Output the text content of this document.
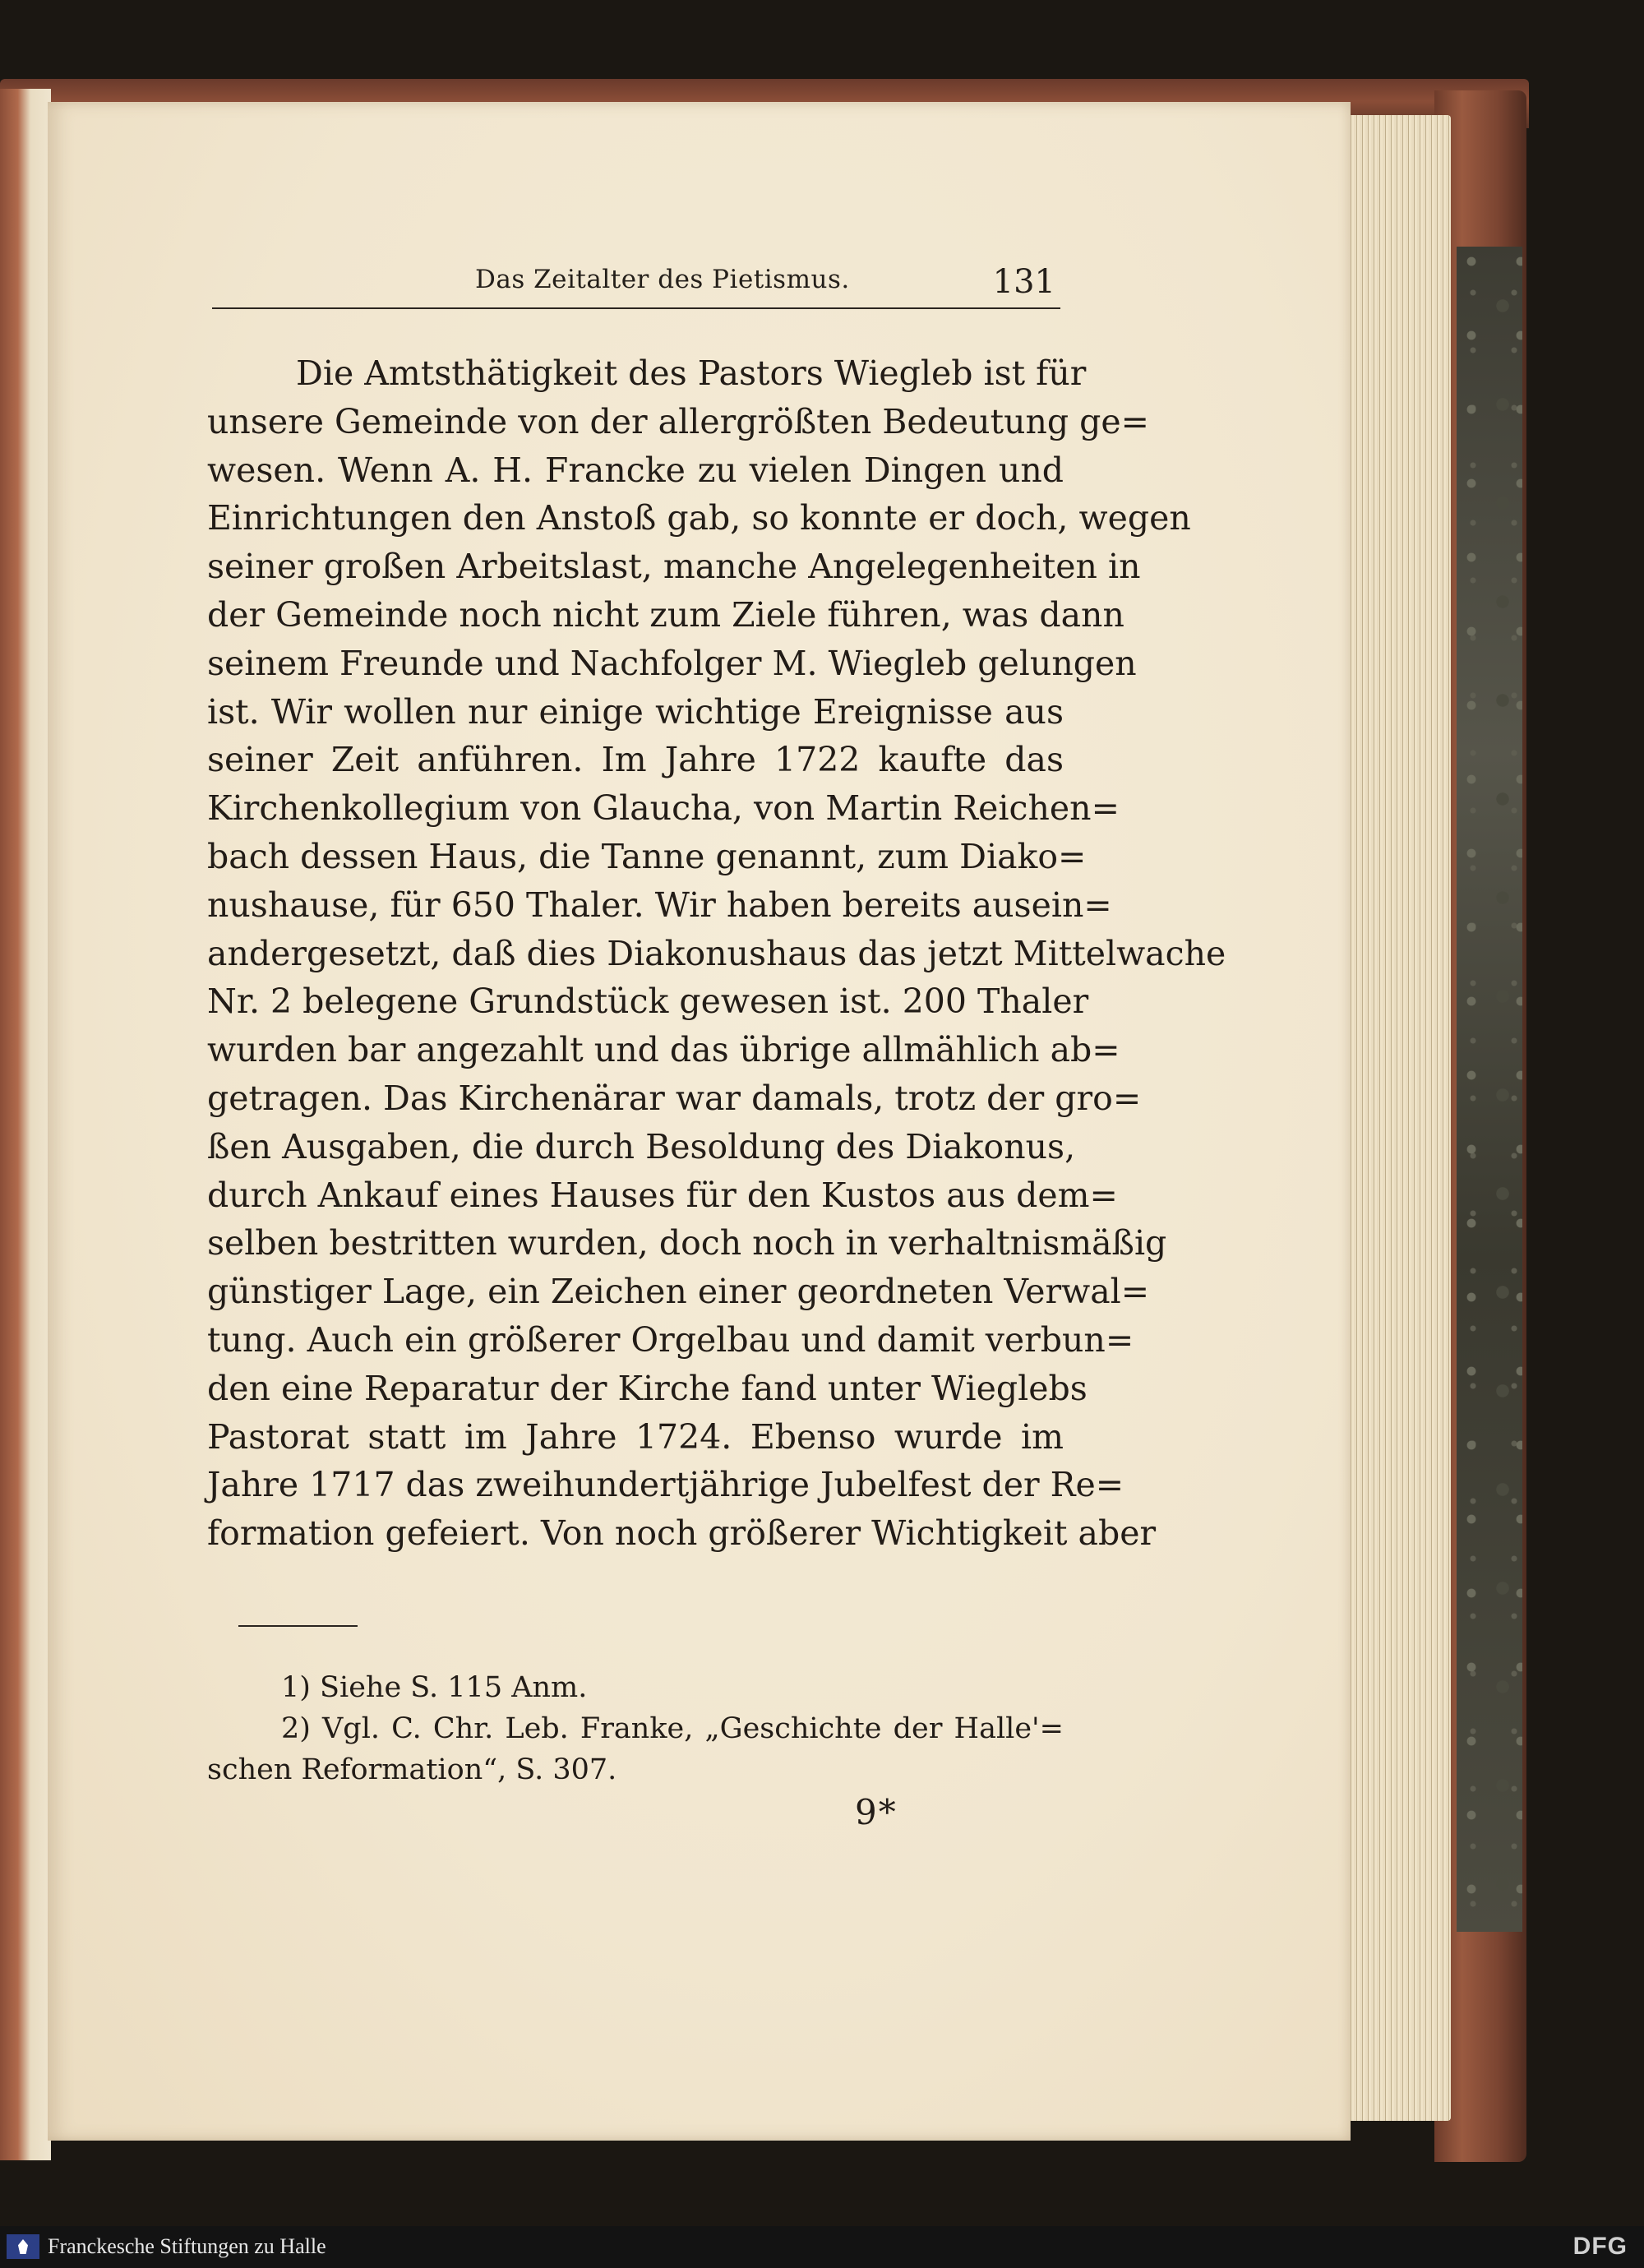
Das Zeitalter des Pietismus.	131
Die Amtsthätigkeit des Pastors Wiegleb ist für
unsere Gemeinde von der allergrößten Bedeutung ge=
wesen. Wenn A. H. Francke zu vielen Dingen und
Einrichtungen den Anstoß gab, so konnte er doch, wegen
seiner großen Arbeitslast, manche Angelegenheiten in
der Gemeinde noch nicht zum Ziele führen, was dann
seinem Freunde und Nachfolger M. Wiegleb gelungen
ist. Wir wollen nur einige wichtige Ereignisse aus
seiner Zeit anführen. Im Jahre 1722 kaufte das
Kirchenkollegium von Glaucha, von Martin Reichen=
bach dessen Haus, die Tanne genannt, zum Diako=
nushause, für 650 Thaler. Wir haben bereits ausein=
andergesetzt, daß dies Diakonushaus das jetzt Mittelwache
Nr. 2 belegene Grundstück gewesen ist. 200 Thaler
wurden bar angezahlt und das übrige allmählich ab=
getragen. Das Kirchenärar war damals, trotz der gro=
ßen Ausgaben, die durch Besoldung des Diakonus,
durch Ankauf eines Hauses für den Kustos aus dem=
selben bestritten wurden, doch noch in verhaltnismäßig
günstiger Lage, ein Zeichen einer geordneten Verwal=
tung. Auch ein größerer Orgelbau und damit verbun=
den eine Reparatur der Kirche fand unter Wieglebs
Pastorat statt im Jahre 1724. Ebenso wurde im
Jahre 1717 das zweihundertjährige Jubelfest der Re=
formation gefeiert. Von noch größerer Wichtigkeit aber
1) Siehe S. 115 Anm.
2) Vgl. C. Chr. Leb. Franke, „Geschichte der Halle'=
schen Reformation“, S. 307.
9*
Franckesche Stiftungen zu Halle	DFG
